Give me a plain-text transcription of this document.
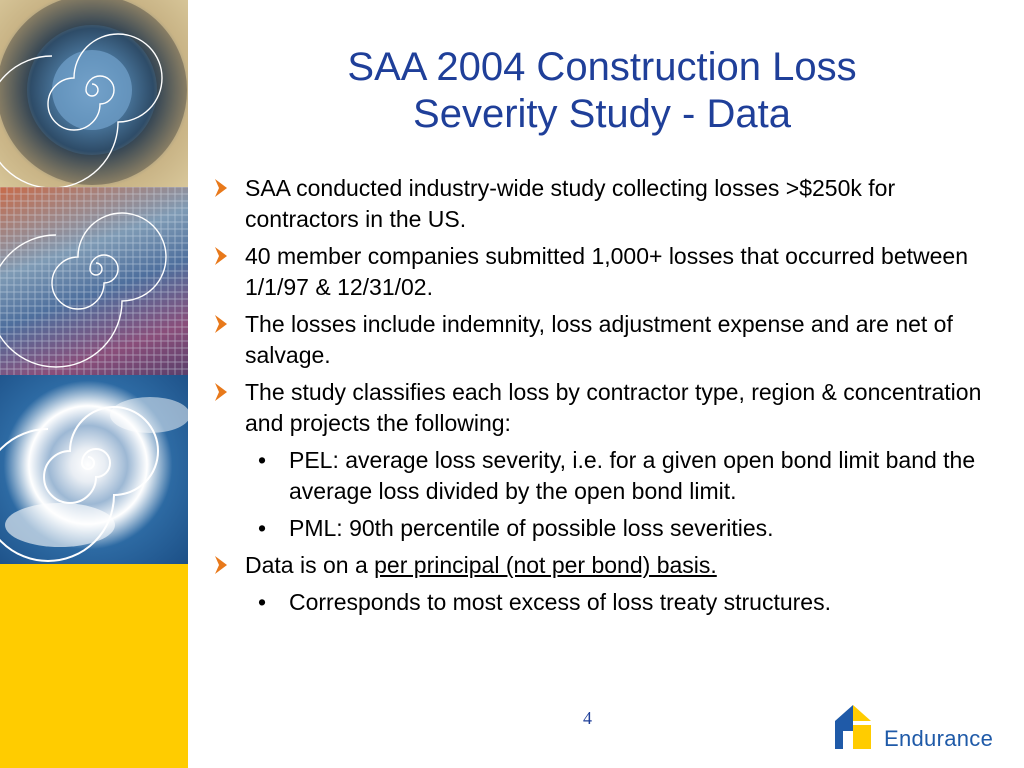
SAA 2004 Construction Loss
Severity Study - Data
SAA conducted industry-wide study collecting losses >$250k for contractors in the US.
40 member companies submitted 1,000+ losses that occurred between 1/1/97 & 12/31/02.
The losses include indemnity, loss adjustment expense and are net of salvage.
The study classifies each loss by contractor type, region & concentration and projects the following:
• PEL: average loss severity, i.e. for a given open bond limit band the average loss divided by the open bond limit.
• PML: 90th percentile of possible loss severities.
Data is on a per principal (not per bond) basis.
• Corresponds to most excess of loss treaty structures.
4
Endurance
